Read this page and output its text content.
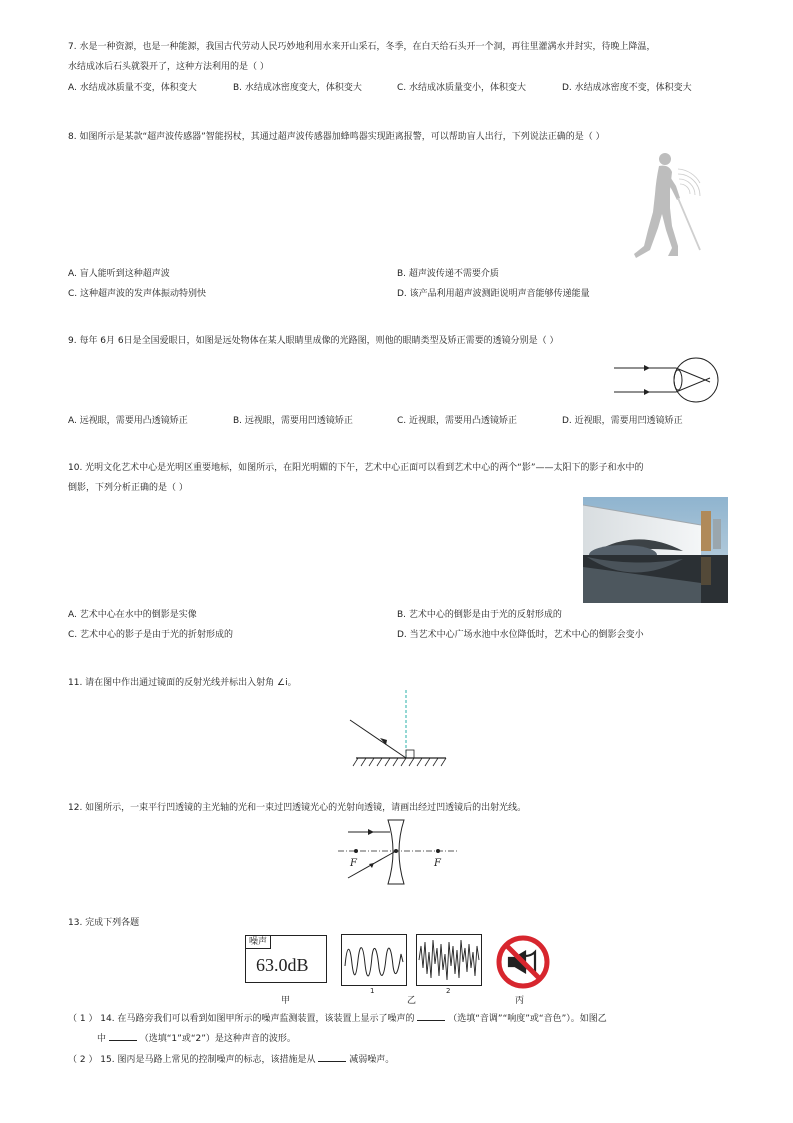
7. 水是一种资源，也是一种能源，我国古代劳动人民巧妙地利用水来开山采石，冬季，在白天给石头开一个洞，再往里灌满水并封实，待晚上降温，
水结成冰后石头就裂开了，这种方法利用的是（ ）
A. 水结成冰质量不变，体积变大	B. 水结成冰密度变大，体积变大	C. 水结成冰质量变小，体积变大	D. 水结成冰密度不变，体积变大
8. 如图所示是某款“超声波传感器”智能拐杖，其通过超声波传感器加蜂鸣器实现距离报警，可以帮助盲人出行，下列说法正确的是（ ）
A. 盲人能听到这种超声波	B. 超声波传递不需要介质
C. 这种超声波的发声体振动特别快	D. 该产品利用超声波测距说明声音能够传递能量
9. 每年 6月 6日是全国爱眼日，如图是远处物体在某人眼睛里成像的光路图，则他的眼睛类型及矫正需要的透镜分别是（ ）
A. 远视眼，需要用凸透镜矫正	B. 远视眼，需要用凹透镜矫正	C. 近视眼，需要用凸透镜矫正	D. 近视眼，需要用凹透镜矫正
10. 光明文化艺术中心是光明区重要地标，如图所示，在阳光明媚的下午，艺术中心正面可以看到艺术中心的两个“影”——太阳下的影子和水中的
倒影，下列分析正确的是（ ）
A. 艺术中心在水中的倒影是实像	B. 艺术中心的倒影是由于光的反射形成的
C. 艺术中心的影子是由于光的折射形成的	D. 当艺术中心广场水池中水位降低时，艺术中心的倒影会变小
11. 请在图中作出通过镜面的反射光线并标出入射角 ∠i。
12. 如图所示，一束平行凹透镜的主光轴的光和一束过凹透镜光心的光射向透镜，请画出经过凹透镜后的出射光线。
F	F
13. 完成下列各题
噪声
63.0dB
1	2
甲	乙	丙
（ 1 ） 14. 在马路旁我们可以看到如图甲所示的噪声监测装置，该装置上显示了噪声的	（选填“音调”“响度”或“音色”）。如图乙
中	（选填“1”或“2”）是这种声音的波形。
（ 2 ） 15. 图丙是马路上常见的控制噪声的标志，该措施是从	减弱噪声。
